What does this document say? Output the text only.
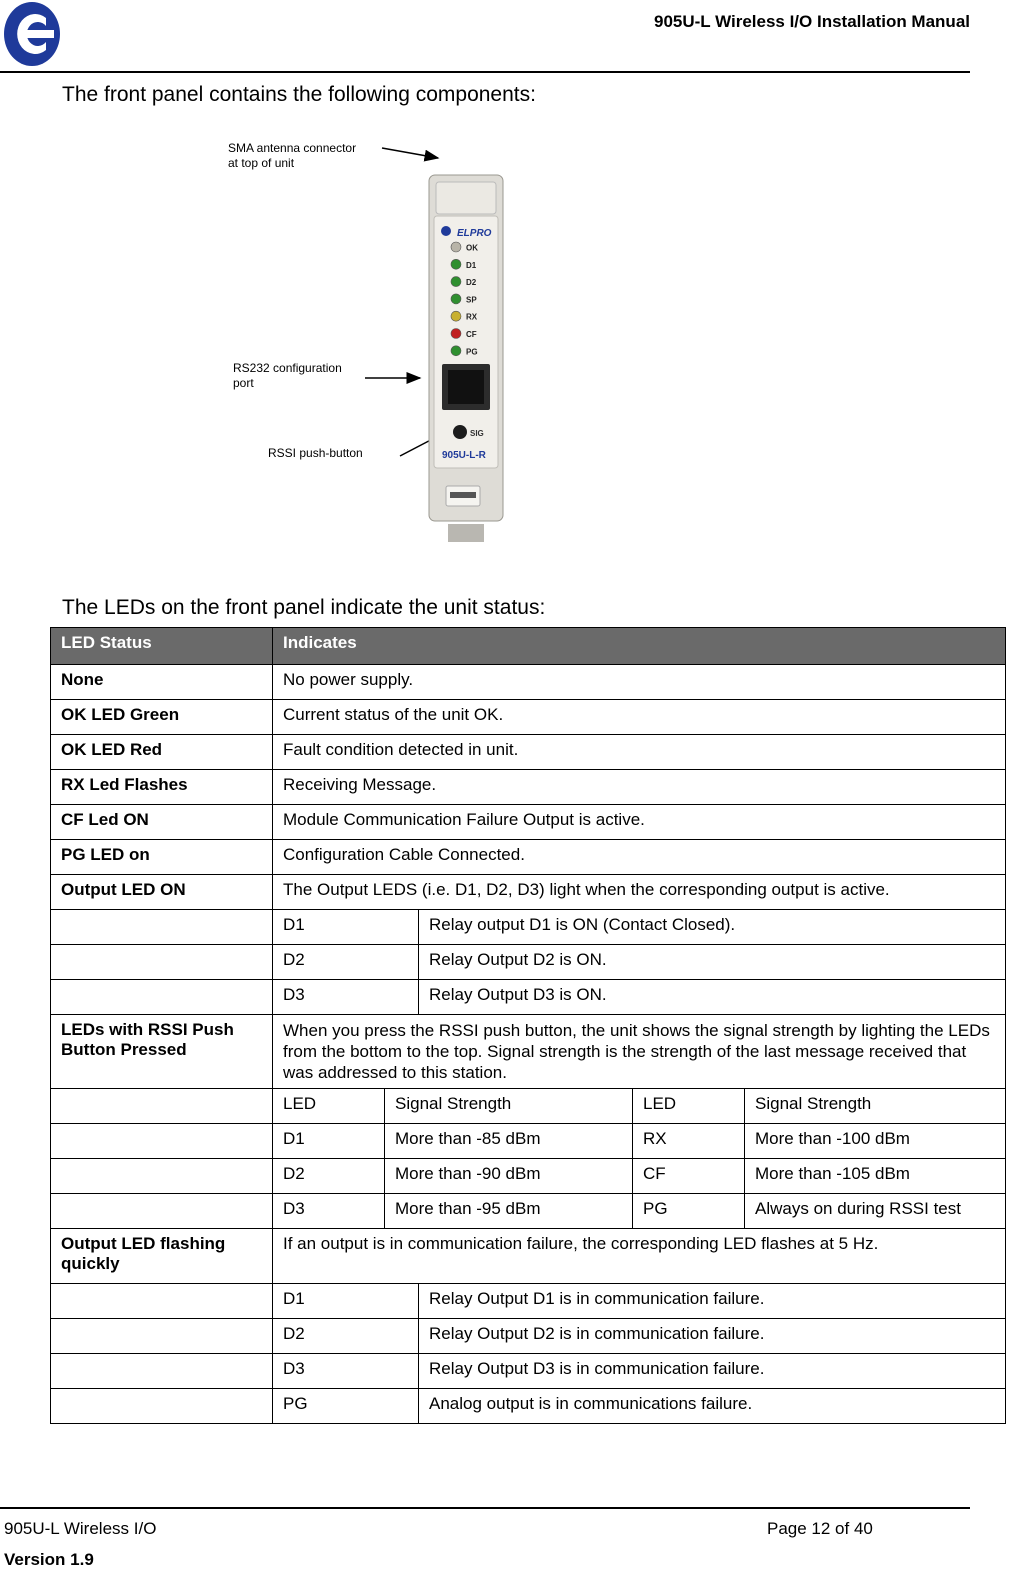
905U-L Wireless I/O Installation Manual
The front panel contains the following components:
SMA antenna connector
at top of unit
RS232 configuration
port
RSSI push-button
OK
D1
D2
SP
RX
CF
PG
ELPRO
SIG
905U-L-R
The LEDs on the front panel indicate the unit status:
LED Status	Indicates				
None	No power supply.				
OK LED Green	Current status of the unit OK.				
OK LED Red	Fault condition detected in unit.				
RX Led Flashes	Receiving Message.				
CF Led ON	Module Communication Failure Output is active.				
PG LED on	Configuration Cable Connected.				
Output LED ON	The Output LEDS (i.e. D1, D2, D3) light when the corresponding output is active.				
	D1		Relay output D1 is ON (Contact Closed).		
	D2		Relay Output D2 is ON.		
	D3		Relay Output D3 is ON.		
LEDs with RSSI Push Button Pressed	When you press the RSSI push button, the unit shows the signal strength by lighting the LEDs from the bottom to the top. Signal strength is the strength of the last message received that was addressed to this station.				
	LED	Signal Strength		LED	Signal Strength
	D1	More than -85 dBm		RX	More than -100 dBm
	D2	More than -90 dBm		CF	More than -105 dBm
	D3	More than -95 dBm		PG	Always on during RSSI test
Output LED flashing quickly	If an output is in communication failure, the corresponding LED flashes at 5 Hz.				
	D1		Relay Output D1 is in communication failure.		
	D2		Relay Output D2 is in communication failure.		
	D3		Relay Output D3 is in communication failure.		
	PG		Analog output is in communications failure.		
905U-L Wireless I/O	Page 12 of 40
Version 1.9
